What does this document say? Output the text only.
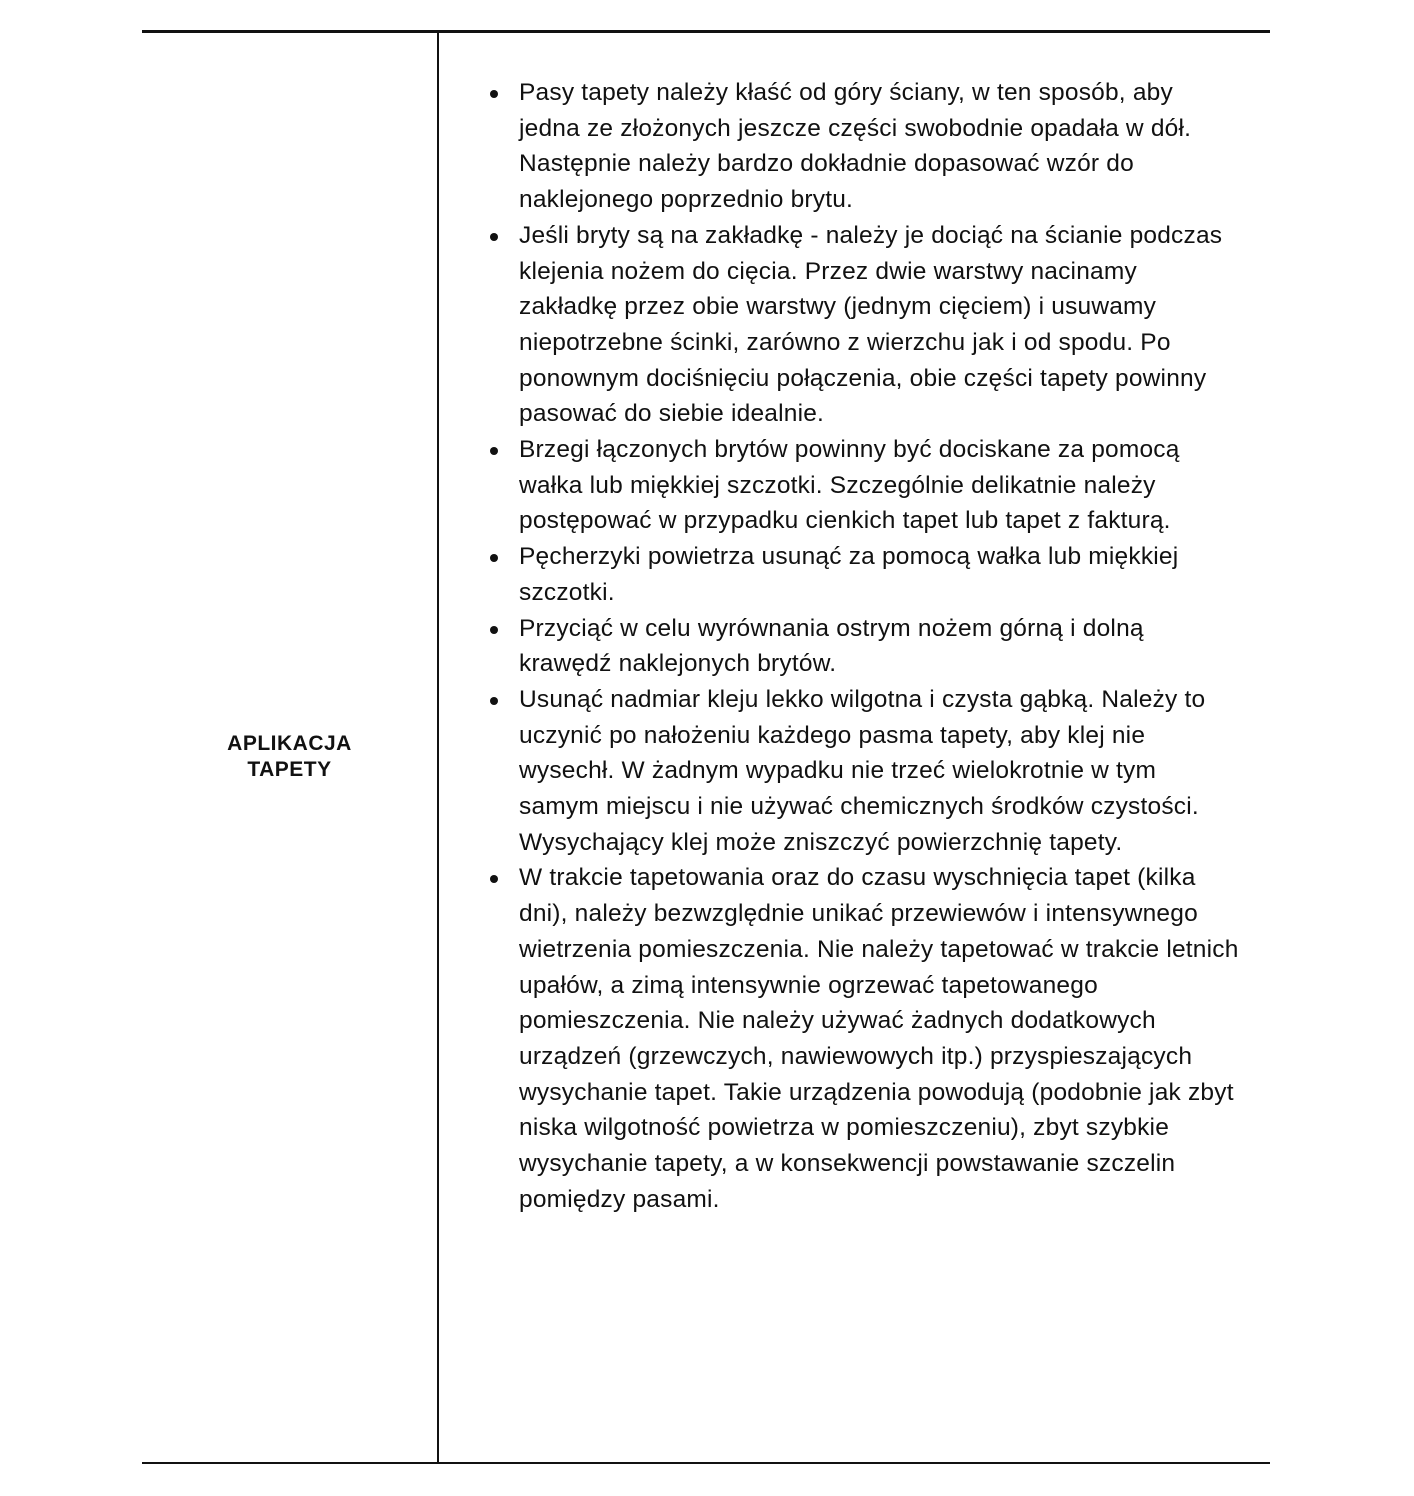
APLIKACJA TAPETY
Pasy tapety należy kłaść od góry ściany, w ten sposób, aby jedna ze złożonych jeszcze części swobodnie opadała w dół. Następnie należy bardzo dokładnie dopasować wzór do naklejonego poprzednio brytu.
Jeśli bryty są na zakładkę - należy je dociąć na ścianie podczas klejenia nożem do cięcia. Przez dwie warstwy nacinamy zakładkę przez obie warstwy (jednym cięciem) i usuwamy niepotrzebne ścinki, zarówno z wierzchu jak i od spodu. Po ponownym dociśnięciu połączenia, obie części tapety powinny pasować do siebie idealnie.
Brzegi łączonych brytów powinny być dociskane za pomocą wałka lub miękkiej szczotki. Szczególnie delikatnie należy postępować w przypadku cienkich tapet lub tapet z fakturą.
Pęcherzyki powietrza usunąć za pomocą wałka lub miękkiej szczotki.
Przyciąć w celu wyrównania ostrym nożem górną i dolną krawędź naklejonych brytów.
Usunąć nadmiar kleju lekko wilgotna i czysta gąbką. Należy to uczynić po nałożeniu każdego pasma tapety, aby klej nie wysechł. W żadnym wypadku nie trzeć wielokrotnie w tym samym miejscu i nie używać chemicznych środków czystości. Wysychający klej może zniszczyć powierzchnię tapety.
W trakcie tapetowania oraz do czasu wyschnięcia tapet (kilka dni), należy bezwzględnie unikać przewiewów i intensywnego wietrzenia pomieszczenia. Nie należy tapetować w trakcie letnich upałów, a zimą intensywnie ogrzewać tapetowanego pomieszczenia. Nie należy używać żadnych dodatkowych urządzeń (grzewczych, nawiewowych itp.) przyspieszających wysychanie tapet. Takie urządzenia powodują (podobnie jak zbyt niska wilgotność powietrza w pomieszczeniu), zbyt szybkie wysychanie tapety, a w konsekwencji powstawanie szczelin pomiędzy pasami.
